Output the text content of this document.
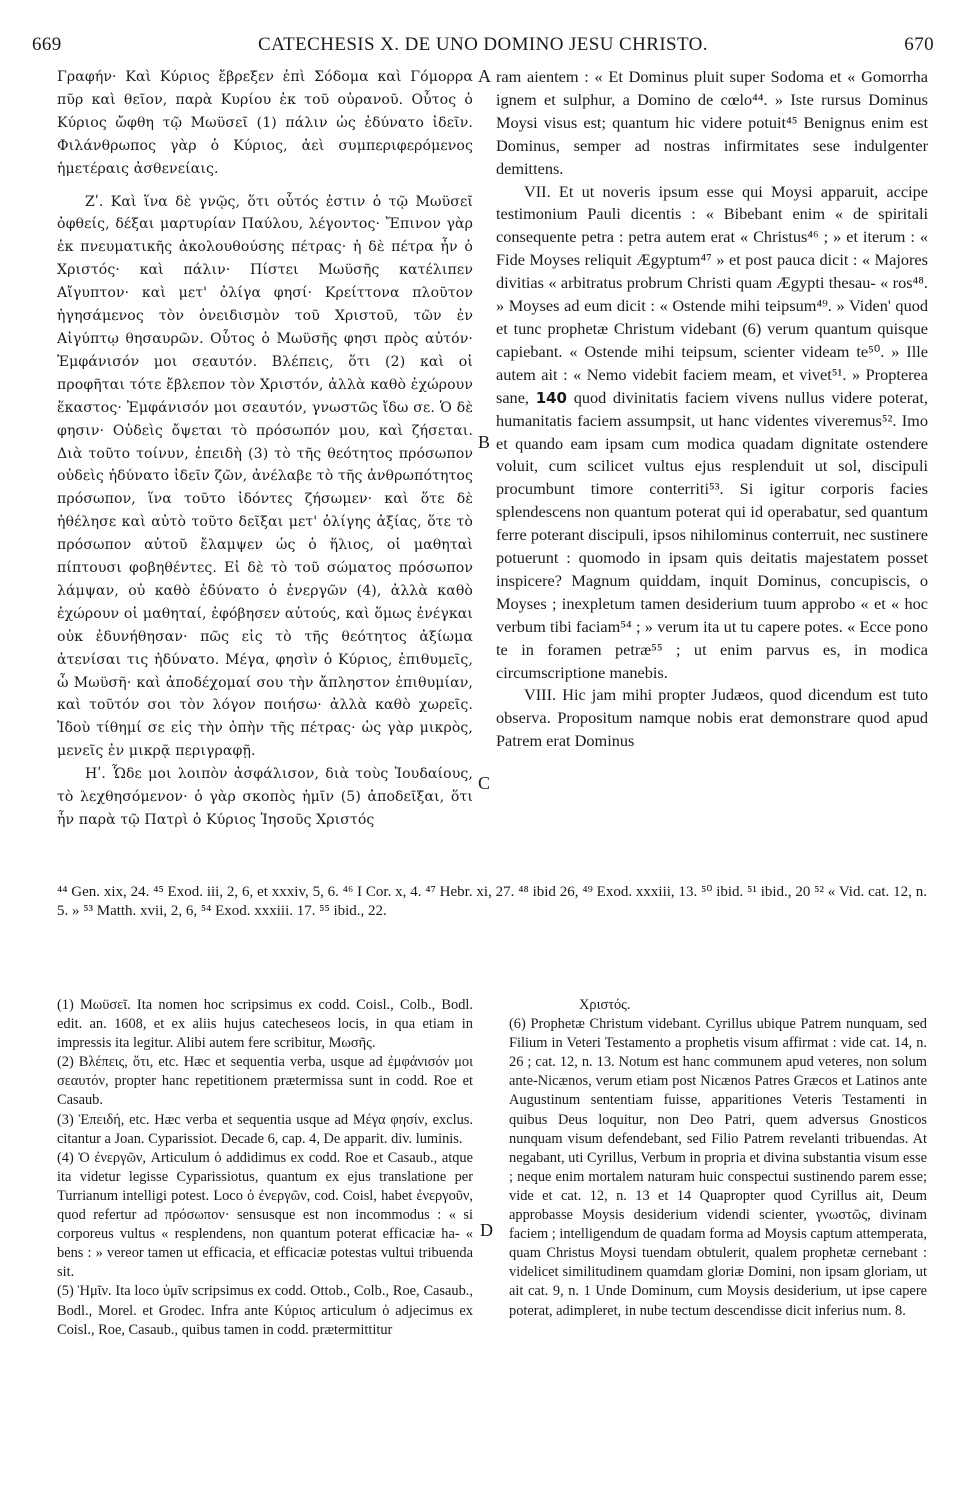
669	CATECHESIS X. DE UNO DOMINO JESU CHRISTO.	670
A
B
C
D

Γραφήν· Καὶ Κύριος ἔβρεξεν ἐπὶ Σόδομα καὶ Γόμορρα πῦρ καὶ θεῖον, παρὰ Κυρίου ἐκ τοῦ οὐρανοῦ. Οὗτος ὁ Κύριος ὤφθη τῷ Μωϋσεῖ (1) πάλιν ὡς ἐδύνατο ἰδεῖν. Φιλάνθρωπος γὰρ ὁ Κύριος, ἀεὶ συμπεριφερόμενος ἡμετέραις ἀσθενείαις.

Ζʹ. Καὶ ἵνα δὲ γνῷς, ὅτι οὗτός ἐστιν ὁ τῷ Μωϋσεῖ ὀφθείς, δέξαι μαρτυρίαν Παύλου, λέγοντος· Ἔπινον γὰρ ἐκ πνευματικῆς ἀκολουθούσης πέτρας· ἡ δὲ πέτρα ἦν ὁ Χριστός· καὶ πάλιν· Πίστει Μωϋσῆς κατέλιπεν Αἴγυπτον· καὶ μετ' ὀλίγα φησί· Κρείττονα πλοῦτον ἡγησάμενος τὸν ὀνειδισμὸν τοῦ Χριστοῦ, τῶν ἐν Αἰγύπτῳ θησαυρῶν. Οὗτος ὁ Μωϋσῆς φησι πρὸς αὐτόν· Ἐμφάνισόν μοι σεαυτόν. Βλέπεις, ὅτι (2) καὶ οἱ προφῆται τότε ἔβλεπον τὸν Χριστόν, ἀλλὰ καθὸ ἐχώρουν ἕκαστος· Ἐμφάνισόν μοι σεαυτόν, γνωστῶς ἴδω σε. Ὁ δὲ φησιν· Οὐδεὶς ὄψεται τὸ πρόσωπόν μου, καὶ ζήσεται. Διὰ τοῦτο τοίνυν, ἐπειδὴ (3) τὸ τῆς θεότητος πρόσωπον οὐδεὶς ἠδύνατο ἰδεῖν ζῶν, ἀνέλαβε τὸ τῆς ἀνθρωπότητος πρόσωπον, ἵνα τοῦτο ἰδόντες ζήσωμεν· καὶ ὅτε δὲ ἠθέλησε καὶ αὐτὸ τοῦτο δεῖξαι μετ' ὀλίγης ἀξίας, ὅτε τὸ πρόσωπον αὐτοῦ ἔλαμψεν ὡς ὁ ἥλιος, οἱ μαθηταὶ πίπτουσι φοβηθέντες. Εἰ δὲ τὸ τοῦ σώματος πρόσωπον λάμψαν, οὐ καθὸ ἐδύνατο ὁ ἐνεργῶν (4), ἀλλὰ καθὸ ἐχώρουν οἱ μαθηταί, ἐφόβησεν αὐτούς, καὶ ὅμως ἐνέγκαι οὐκ ἐδυνήθησαν· πῶς εἰς τὸ τῆς θεότητος ἀξίωμα ἀτενίσαι τις ἠδύνατο. Μέγα, φησὶν ὁ Κύριος, ἐπιθυμεῖς, ὦ Μωϋσῆ· καὶ ἀποδέχομαί σου τὴν ἄπληστον ἐπιθυμίαν, καὶ τοῦτόν σοι τὸν λόγον ποιήσω· ἀλλὰ καθὸ χωρεῖς. Ἰδοὺ τίθημί σε εἰς τὴν ὀπὴν τῆς πέτρας· ὡς γὰρ μικρὸς, μενεῖς ἐν μικρᾷ περιγραφῇ.

Ηʹ. Ὧδε μοι λοιπὸν ἀσφάλισον, διὰ τοὺς Ἰουδαίους, τὸ λεχθησόμενον· ὁ γὰρ σκοπὸς ἡμῖν (5) ἀποδεῖξαι, ὅτι ἦν παρὰ τῷ Πατρὶ ὁ Κύριος Ἰησοῦς Χριστός

ram aientem : « Et Dominus pluit super Sodoma et « Gomorrha ignem et sulphur, a Domino de cœlo⁴⁴. » Iste rursus Dominus Moysi visus est; quantum hic videre potuit⁴⁵ Benignus enim est Dominus, semper ad nostras infirmitates sese indulgenter demittens.

VII. Et ut noveris ipsum esse qui Moysi apparuit, accipe testimonium Pauli dicentis : « Bibebant enim « de spiritali consequente petra : petra autem erat « Christus⁴⁶ ; » et iterum : « Fide Moyses reliquit Ægyptum⁴⁷ » et post pauca dicit : « Majores divitias « arbitratus probrum Christi quam Ægypti thesau- « ros⁴⁸. » Moyses ad eum dicit : « Ostende mihi teipsum⁴⁹. » Viden' quod et tunc prophetæ Christum videbant (6) verum quantum quisque capiebant. « Ostende mihi teipsum, scienter videam te⁵⁰. » Ille autem ait : « Nemo videbit faciem meam, et vivet⁵¹. » Propterea sane, 140 quod divinitatis faciem vivens nullus videre poterat, humanitatis faciem assumpsit, ut hanc videntes viveremus⁵². Imo et quando eam ipsam cum modica quadam dignitate ostendere voluit, cum scilicet vultus ejus resplenduit ut sol, discipuli procumbunt timore conterriti⁵³. Si igitur corporis facies splendescens non quantum poterat qui id operabatur, sed quantum ferre poterant discipuli, ipsos nihilominus conterruit, nec sustinere potuerunt : quomodo in ipsam quis deitatis majestatem posset inspicere? Magnum quiddam, inquit Dominus, concupiscis, o Moyses ; inexpletum tamen desiderium tuum approbo « et « hoc verbum tibi faciam⁵⁴ ; » verum ita ut tu capere potes. « Ecce pono te in foramen petræ⁵⁵ ; ut enim parvus es, in modica circumscriptione manebis.

VIII. Hic jam mihi propter Judæos, quod dicendum est tuto observa. Propositum namque nobis erat demonstrare quod apud Patrem erat Dominus

⁴⁴ Gen. xix, 24. ⁴⁵ Exod. iii, 2, 6, et xxxiv, 5, 6. ⁴⁶ I Cor. x, 4. ⁴⁷ Hebr. xi, 27. ⁴⁸ ibid 26, ⁴⁹ Exod. xxxiii, 13. ⁵⁰ ibid. ⁵¹ ibid., 20 ⁵² « Vid. cat. 12, n. 5. » ⁵³ Matth. xvii, 2, 6, ⁵⁴ Exod. xxxiii. 17. ⁵⁵ ibid., 22.

(1) Μωϋσεῖ. Ita nomen hoc scripsimus ex codd. Coisl., Colb., Bodl. edit. an. 1608, et ex aliis hujus catecheseos locis, in qua etiam in impressis ita legitur. Alibi autem fere scribitur, Μωσῆς.

(2) Βλέπεις, ὅτι, etc. Hæc et sequentia verba, usque ad ἐμφάνισόν μοι σεαυτόν, propter hanc repetitionem prætermissa sunt in codd. Roe et Casaub.

(3) Ἐπειδή, etc. Hæc verba et sequentia usque ad Μέγα φησίν, exclus. citantur a Joan. Cyparissiot. Decade 6, cap. 4, De apparit. div. luminis.

(4) Ὁ ἐνεργῶν, Articulum ὁ addidimus ex codd. Roe et Casaub., atque ita videtur legisse Cyparissiotus, quantum ex ejus translatione per Turrianum intelligi potest. Loco ὁ ἐνεργῶν, cod. Coisl, habet ἐνεργοῦν, quod refertur ad πρόσωπον· sensusque est non incommodus : « si corporeus vultus « resplendens, non quantum poterat efficaciæ ha- « bens : » vereor tamen ut efficacia, et efficaciæ potestas vultui tribuenda sit.

(5) Ἡμῖν. Ita loco ὑμῖν scripsimus ex codd. Ottob., Colb., Roe, Casaub., Bodl., Morel. et Grodec. Infra ante Κύριος articulum ὁ adjecimus ex Coisl., Roe, Casaub., quibus tamen in codd. prætermittitur

Χριστός.

(6) Prophetæ Christum videbant. Cyrillus ubique Patrem nunquam, sed Filium in Veteri Testamento a prophetis visum affirmat : vide cat. 14, n. 26 ; cat. 12, n. 13. Notum est hanc communem apud veteres, non solum ante-Nicænos, verum etiam post Nicænos Patres Græcos et Latinos ante Augustinum sententiam fuisse, apparitiones Veteris Testamenti in quibus Deus loquitur, non Deo Patri, quem adversus Gnosticos nunquam visum defendebant, sed Filio Patrem revelanti tribuendas. At negabant, uti Cyrillus, Verbum in propria et divina substantia visum esse ; neque enim mortalem naturam huic conspectui sustinendo parem esse; vide et cat. 12, n. 13 et 14 Quapropter quod Cyrillus ait, Deum approbasse Moysis desiderium videndi scienter, γνωστῶς, divinam faciem ; intelligendum de quadam forma ad Moysis captum attemperata, quam Christus Moysi tuendam obtulerit, qualem prophetæ cernebant : videlicet similitudinem quamdam gloriæ Domini, non ipsam gloriam, ut ait cat. 9, n. 1 Unde Dominum, cum Moysis desiderium, ut ipse capere poterat, adimpleret, in nube tectum descendisse dicit inferius num. 8.
